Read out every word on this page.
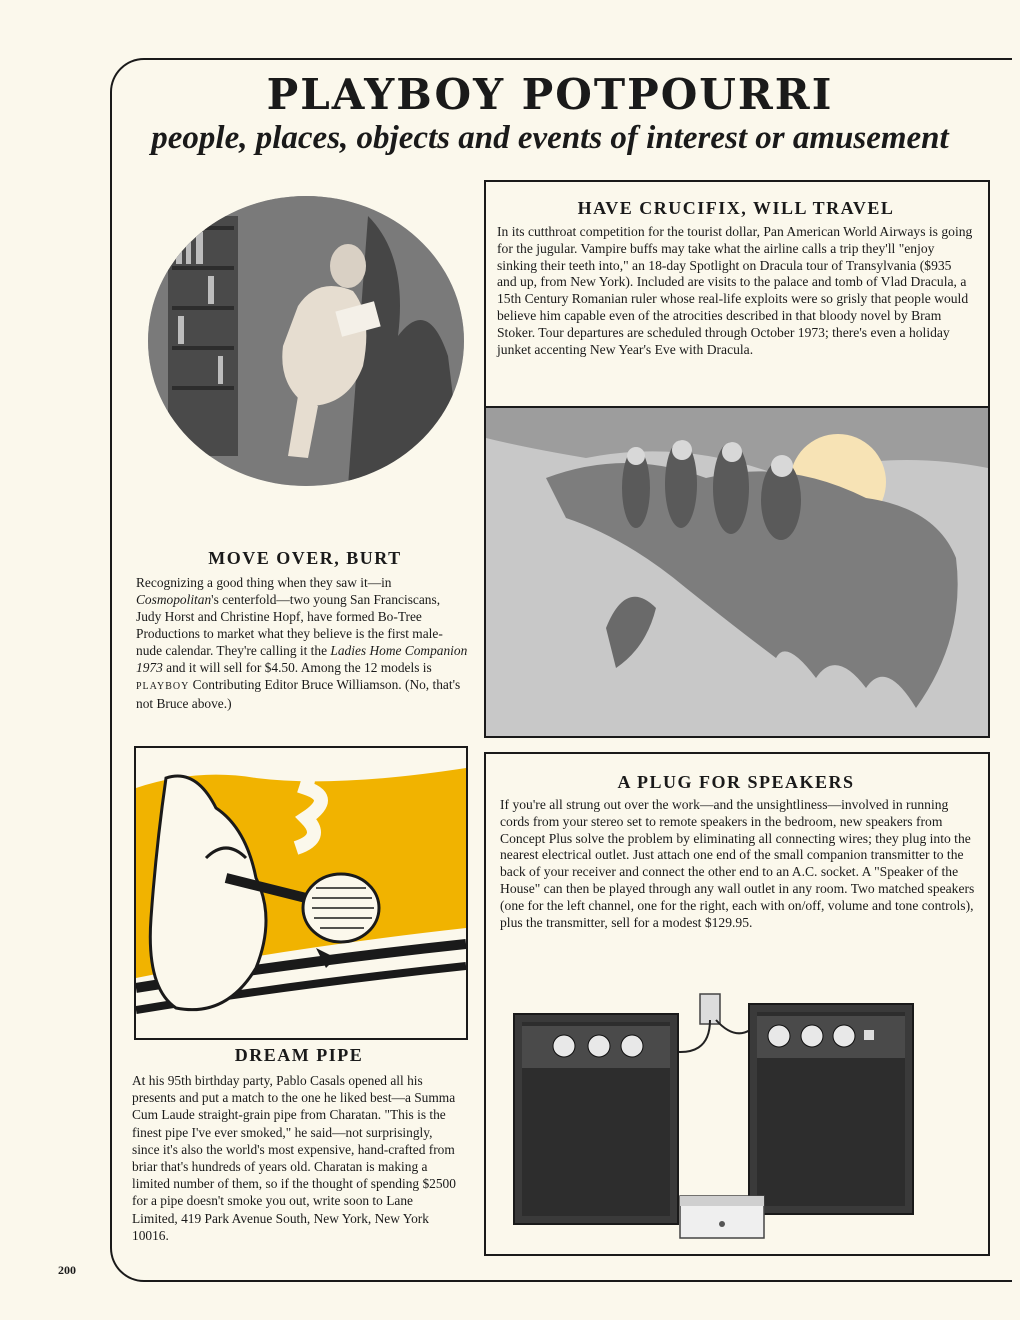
PLAYBOY POTPOURRI
people, places, objects and events of interest or amusement
HAVE CRUCIFIX, WILL TRAVEL

In its cutthroat competition for the tourist dollar, Pan American World Airways is going for the jugular. Vampire buffs may take what the airline calls a trip they'll "enjoy sinking their teeth into," an 18-day Spotlight on Dracula tour of Transylvania ($935 and up, from New York). Included are visits to the palace and tomb of Vlad Dracula, a 15th Century Romanian ruler whose real-life exploits were so grisly that people would believe him capable even of the atrocities described in that bloody novel by Bram Stoker. Tour departures are scheduled through October 1973; there's even a holiday junket accenting New Year's Eve with Dracula.

MOVE OVER, BURT

Recognizing a good thing when they saw it—in Cosmopolitan's centerfold—two young San Franciscans, Judy Horst and Christine Hopf, have formed Bo-Tree Productions to market what they believe is the first male-nude calendar. They're calling it the Ladies Home Companion 1973 and it will sell for $4.50. Among the 12 models is PLAYBOY Contributing Editor Bruce Williamson. (No, that's not Bruce above.)

DREAM PIPE

At his 95th birthday party, Pablo Casals opened all his presents and put a match to the one he liked best—a Summa Cum Laude straight-grain pipe from Charatan. "This is the finest pipe I've ever smoked," he said—not surprisingly, since it's also the world's most expensive, hand-crafted from briar that's hundreds of years old. Charatan is making a limited number of them, so if the thought of spending $2500 for a pipe doesn't smoke you out, write soon to Lane Limited, 419 Park Avenue South, New York, New York 10016.

A PLUG FOR SPEAKERS

If you're all strung out over the work—and the unsightliness—involved in running cords from your stereo set to remote speakers in the bedroom, new speakers from Concept Plus solve the problem by eliminating all connecting wires; they plug into the nearest electrical outlet. Just attach one end of the small companion transmitter to the back of your receiver and connect the other end to an A.C. socket. A "Speaker of the House" can then be played through any wall outlet in any room. Two matched speakers (one for the left channel, one for the right, each with on/off, volume and tone controls), plus the transmitter, sell for a modest $129.95.

200
